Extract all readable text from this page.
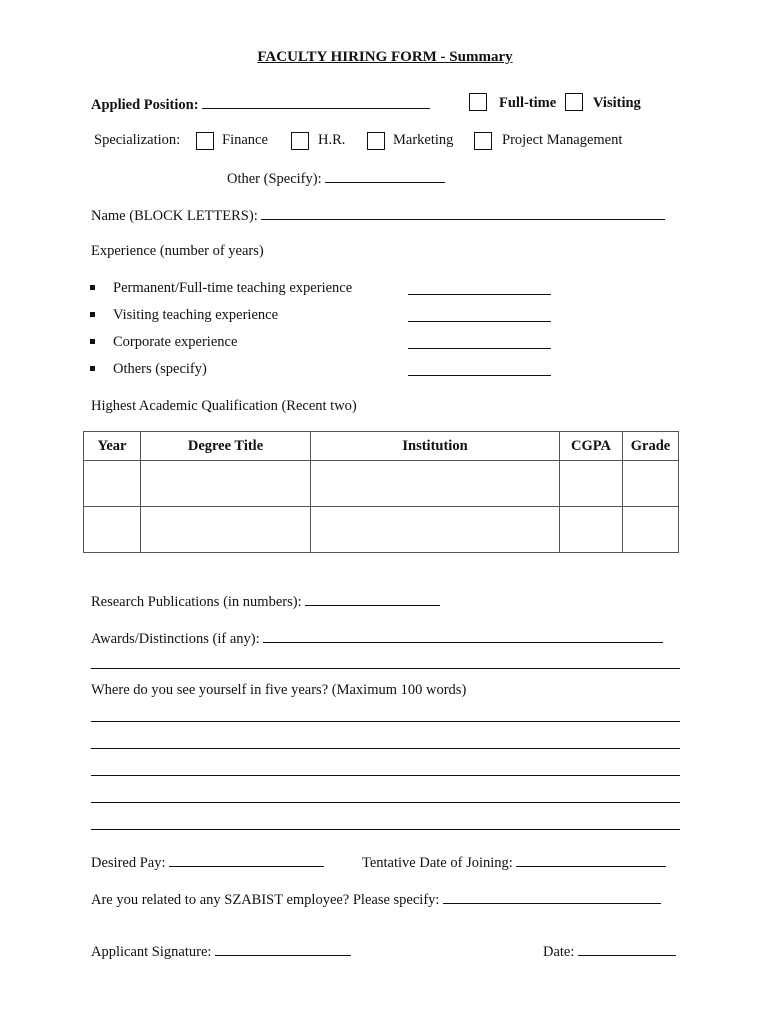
FACULTY HIRING FORM - Summary
Applied Position:	Full-time	Visiting
Specialization:	Finance	H.R.	Marketing	Project Management
Other (Specify):
Name (BLOCK LETTERS):
Experience (number of years)
Permanent/Full-time teaching experience
Visiting teaching experience
Corporate experience
Others (specify)
Highest Academic Qualification (Recent two)
Year	Degree Title	Institution	CGPA	Grade

Research Publications (in numbers):
Awards/Distinctions (if any):
Where do you see yourself in five years? (Maximum 100 words)
Desired Pay:	Tentative Date of Joining:
Are you related to any SZABIST employee? Please specify:
Applicant Signature:	Date:
